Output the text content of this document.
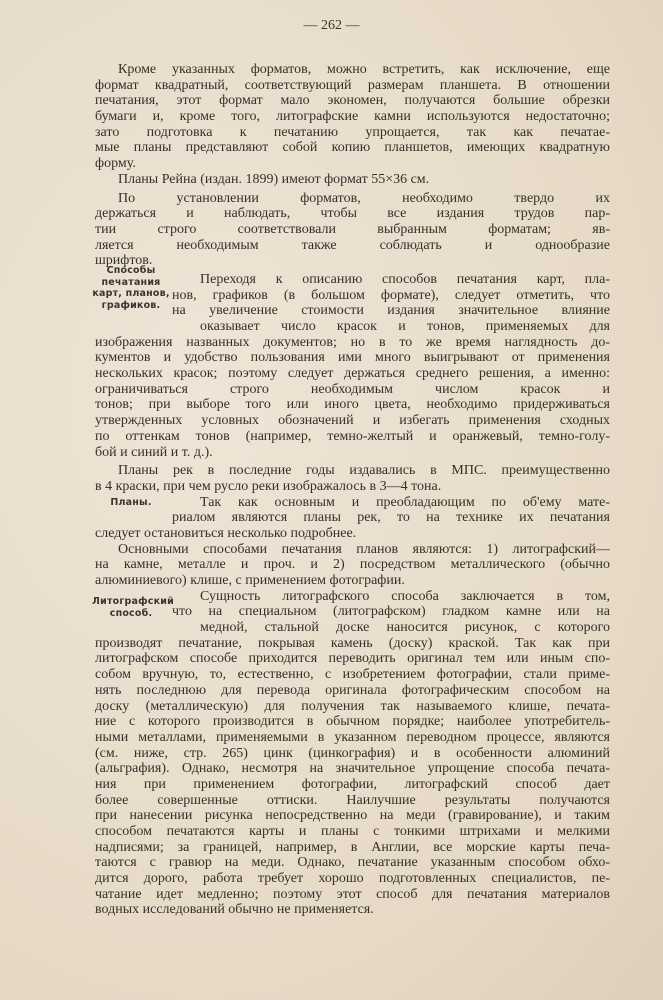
— 262 —
Кроме указанных форматов, можно встретить, как исключение, еще
формат квадратный, соответствующий размерам планшета. В отношении
печатания, этот формат мало экономен, получаются большие обрезки
бумаги и, кроме того, литографские камни используются недостаточно;
зато подготовка к печатанию упрощается, так как печатае-
мые планы представляют собой копию планшетов, имеющих квадратную
форму.
Планы Рейна (издан. 1899) имеют формат 55×36 см.
По установлении форматов, необходимо твердо их
держаться и наблюдать, чтобы все издания трудов пар-
тии строго соответствовали выбранным форматам; яв-
ляется необходимым также соблюдать и однообразие
шрифтов.
Переходя к описанию способов печатания карт, пла-
нов, графиков (в большом формате), следует отметить, что
на увеличение стоимости издания значительное влияние
оказывает число красок и тонов, применяемых для
изображения названных документов; но в то же время наглядность до-
кументов и удобство пользования ими много выигрывают от применения
нескольких красок; поэтому следует держаться среднего решения, а именно:
ограничиваться строго необходимым числом красок и
тонов; при выборе того или иного цвета, необходимо придерживаться
утвержденных условных обозначений и избегать применения сходных
по оттенкам тонов (например, темно-желтый и оранжевый, темно-голу-
бой и синий и т. д.).
Планы рек в последние годы издавались в МПС. преимущественно
в 4 краски, при чем русло реки изображалось в 3—4 тона.
Так как основным и преобладающим по об'ему мате-
риалом являются планы рек, то на технике их печатания
следует остановиться несколько подробнее.
Основными способами печатания планов являются: 1) литографский—
на камне, металле и проч. и 2) посредством металлического (обычно
алюминиевого) клише, с применением фотографии.
Сущность литографского способа заключается в том,
что на специальном (литографском) гладком камне или на
медной, стальной доске наносится рисунок, с которого
производят печатание, покрывая камень (доску) краской. Так как при
литографском способе приходится переводить оригинал тем или иным спо-
собом вручную, то, естественно, с изобретением фотографии, стали приме-
нять последнюю для перевода оригинала фотографическим способом на
доску (металлическую) для получения так называемого клише, печата-
ние с которого производится в обычном порядке; наиболее употребитель-
ными металлами, применяемыми в указанном переводном процессе, являются
(см. ниже, стр. 265) цинк (цинкография) и в особенности алюминий
(альграфия). Однако, несмотря на значительное упрощение способа печата-
ния при применением фотографии, литографский способ дает
более совершенные оттиски. Наилучшие результаты получаются
при нанесении рисунка непосредственно на меди (гравирование), и таким
способом печатаются карты и планы с тонкими штрихами и мелкими
надписями; за границей, например, в Англии, все морские карты печа-
таются с гравюр на меди. Однако, печатание указанным способом обхо-
дится дорого, работа требует хорошо подготовленных специалистов, пе-
чатание идет медленно; поэтому этот способ для печатания материалов
водных исследований обычно не применяется.
Способы печатания карт, планов, графиков.
Планы.
Литографский способ.
